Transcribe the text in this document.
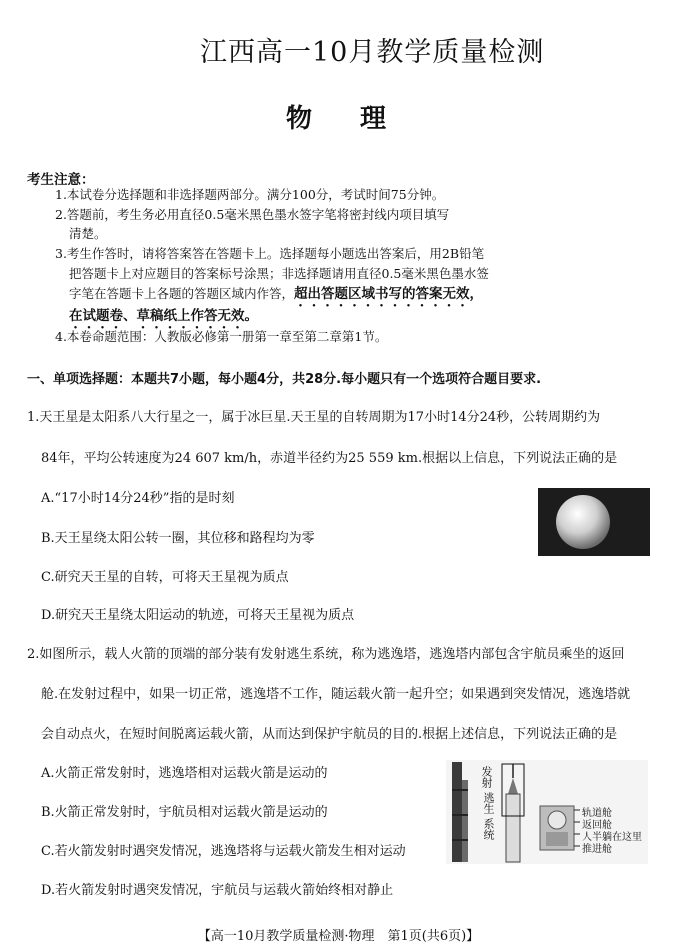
江西高一10月教学质量检测
物理
考生注意：
1.本试卷分选择题和非选择题两部分。满分100分，考试时间75分钟。
2.答题前，考生务必用直径0.5毫米黑色墨水签字笔将密封线内项目填写
清楚。
3.考生作答时，请将答案答在答题卡上。选择题每小题选出答案后，用2B铅笔
把答题卡上对应题目的答案标号涂黑；非选择题请用直径0.5毫米黑色墨水签
字笔在答题卡上各题的答题区域内作答，超出答题区域书写的答案无效，
在试题卷、草稿纸上作答无效。
4.本卷命题范围：人教版必修第一册第一章至第二章第1节。
一、单项选择题：本题共7小题，每小题4分，共28分.每小题只有一个选项符合题目要求.
1.天王星是太阳系八大行星之一，属于冰巨星.天王星的自转周期为17小时14分24秒，公转周期约为
84年，平均公转速度为24 607 km/h，赤道半径约为25 559 km.根据以上信息，下列说法正确的是
A.“17小时14分24秒”指的是时刻
B.天王星绕太阳公转一圈，其位移和路程均为零
C.研究天王星的自转，可将天王星视为质点
D.研究天王星绕太阳运动的轨迹，可将天王星视为质点
2.如图所示，载人火箭的顶端的部分装有发射逃生系统，称为逃逸塔，逃逸塔内部包含宇航员乘坐的返回
舱.在发射过程中，如果一切正常，逃逸塔不工作，随运载火箭一起升空；如果遇到突发情况，逃逸塔就
会自动点火，在短时间脱离运载火箭，从而达到保护宇航员的目的.根据上述信息，下列说法正确的是
A.火箭正常发射时，逃逸塔相对运载火箭是运动的
B.火箭正常发射时，宇航员相对运载火箭是运动的
C.若火箭发射时遇突发情况，逃逸塔将与运载火箭发生相对运动
D.若火箭发射时遇突发情况，宇航员与运载火箭始终相对静止
发射
逃生
系统
轨道舱
返回舱
人半躺在这里
推进舱
【高一10月教学质量检测·物理　第1页(共6页)】
